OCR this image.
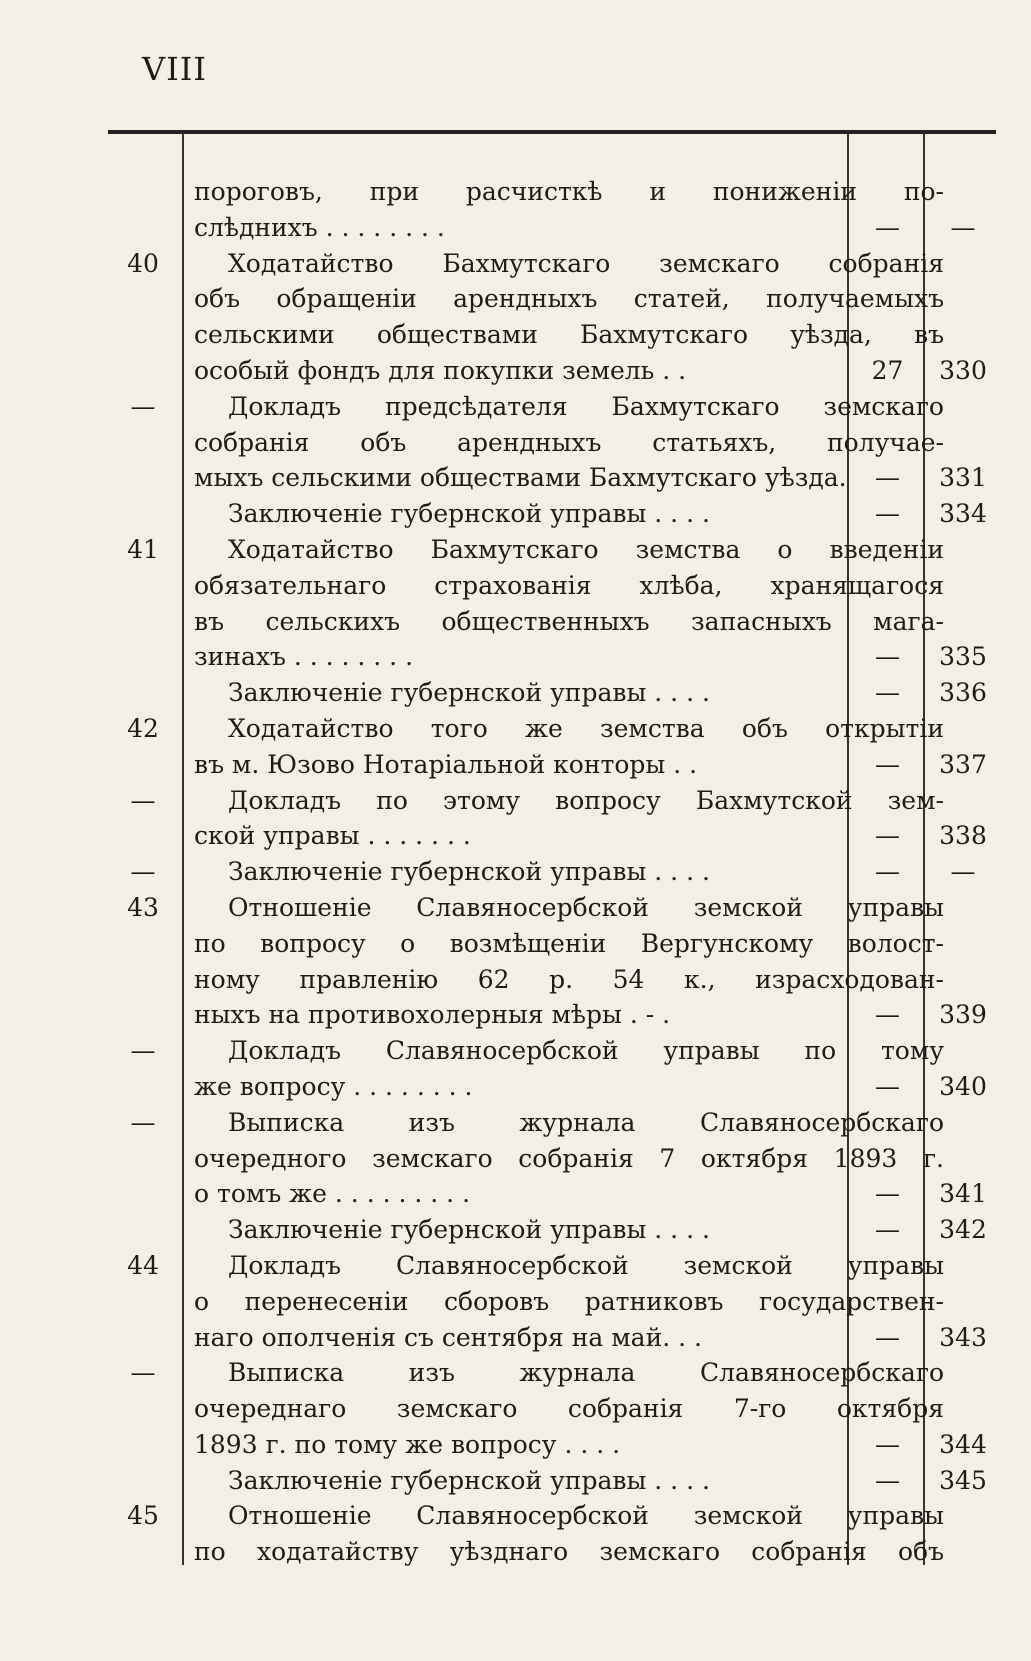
VIII
пороговъ, при расчисткѣ и пониженіи по-
слѣдниxъ . . . . . . . .	—	—
40	Ходатайство Бахмутскаго земскаго собранія
объ обращеніи арендныхъ статей, получаемыхъ
сельскими обществами Бахмутскаго уѣзда, въ
особый фондъ для покупки земель . .	27	330
—	Докладъ предсѣдателя Бахмутскаго земскаго
собранія объ арендныхъ статьяхъ, получае-
мыхъ сельскими обществами Бахмутскаго уѣзда.	—	331
Заключеніе губернской управы . . . .	—	334
41	Ходатайство Бахмутскаго земства о введеніи
обязательнаго страхованія хлѣба, хранящагося
въ сельскихъ общественныхъ запасныхъ мага-
зинахъ . . . . . . . .	—	335
Заключеніе губернской управы . . . .	—	336
42	Ходатайство того же земства объ открытіи
въ м. Юзово Нотаріальной конторы . .	—	337
—	Докладъ по этому вопросу Бахмутской зем-
ской управы . . . . . . .	—	338
—	Заключеніе губернской управы . . . .	—	—
43	Отношеніе Славяносербской земской управы
по вопросу о возмѣщеніи Вергунскому волост-
ному правленію 62 р. 54 к., израсходован-
ныхъ на противохолерныя мѣры . - .	—	339
—	Докладъ Славяносербской управы по тому
же вопросу . . . . . . . .	—	340
—	Выписка изъ журнала Славяносербскаго
очередного земскаго собранія 7 октября 1893 г.
о томъ же . . . . . . . . .	—	341
Заключеніе губернской управы . . . .	—	342
44	Докладъ Славяносербской земской управы
о перенесеніи сборовъ ратниковъ государствен-
наго ополченія съ сентября на май. . .	—	343
—	Выписка изъ журнала Славяносербскаго
очереднаго земскаго собранія 7-го октября
1893 г. по тому же вопросу . . . .	—	344
Заключеніе губернской управы . . . .	—	345
45	Отношеніе Славяносербской земской управы
по ходатайству уѣзднаго земскаго собранія объ
